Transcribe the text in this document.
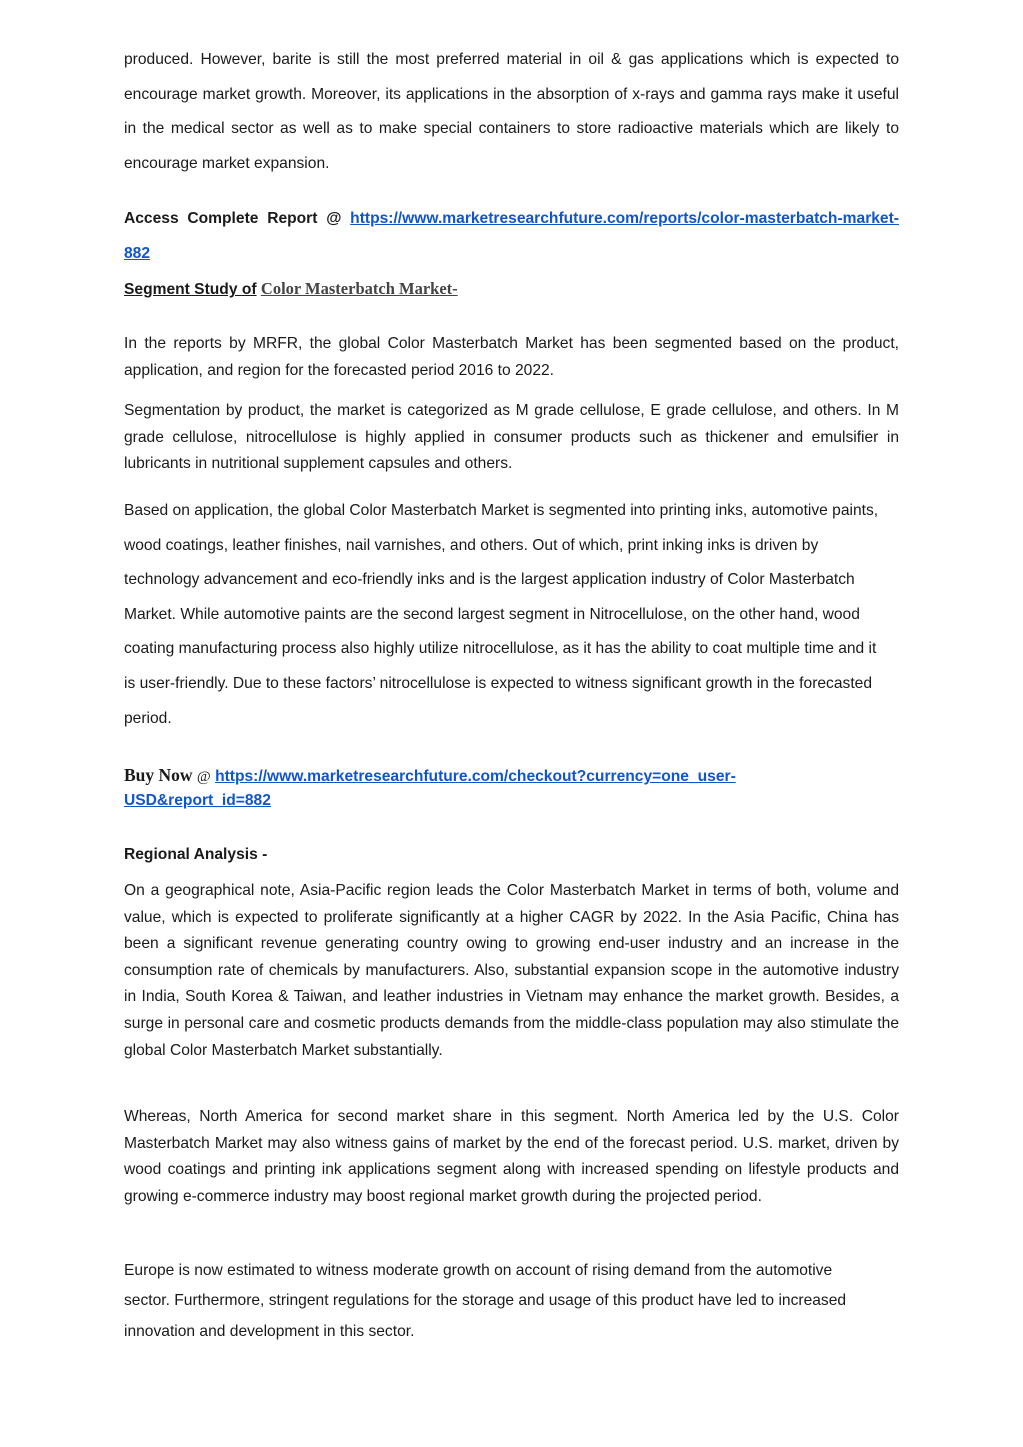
produced. However, barite is still the most preferred material in oil & gas applications which is expected to encourage market growth. Moreover, its applications in the absorption of x-rays and gamma rays make it useful in the medical sector as well as to make special containers to store radioactive materials which are likely to encourage market expansion.

Access Complete Report @ https://www.marketresearchfuture.com/reports/color-masterbatch-market-882

Segment Study of Color Masterbatch Market-

In the reports by MRFR, the global Color Masterbatch Market has been segmented based on the product, application, and region for the forecasted period 2016 to 2022.

Segmentation by product, the market is categorized as M grade cellulose, E grade cellulose, and others. In M grade cellulose, nitrocellulose is highly applied in consumer products such as thickener and emulsifier in lubricants in nutritional supplement capsules and others.

Based on application, the global Color Masterbatch Market is segmented into printing inks, automotive paints, wood coatings, leather finishes, nail varnishes, and others. Out of which, print inking inks is driven by technology advancement and eco-friendly inks and is the largest application industry of Color Masterbatch Market. While automotive paints are the second largest segment in Nitrocellulose, on the other hand, wood coating manufacturing process also highly utilize nitrocellulose, as it has the ability to coat multiple time and it is user-friendly. Due to these factors’ nitrocellulose is expected to witness significant growth in the forecasted period.

Buy Now @ https://www.marketresearchfuture.com/checkout?currency=one_user-
USD&report_id=882

Regional Analysis -

On a geographical note, Asia-Pacific region leads the Color Masterbatch Market in terms of both, volume and value, which is expected to proliferate significantly at a higher CAGR by 2022. In the Asia Pacific, China has been a significant revenue generating country owing to growing end-user industry and an increase in the consumption rate of chemicals by manufacturers. Also, substantial expansion scope in the automotive industry in India, South Korea & Taiwan, and leather industries in Vietnam may enhance the market growth. Besides, a surge in personal care and cosmetic products demands from the middle-class population may also stimulate the global Color Masterbatch Market substantially.

Whereas, North America for second market share in this segment. North America led by the U.S. Color Masterbatch Market may also witness gains of market by the end of the forecast period. U.S. market, driven by wood coatings and printing ink applications segment along with increased spending on lifestyle products and growing e-commerce industry may boost regional market growth during the projected period.

Europe is now estimated to witness moderate growth on account of rising demand from the automotive sector. Furthermore, stringent regulations for the storage and usage of this product have led to increased innovation and development in this sector.
